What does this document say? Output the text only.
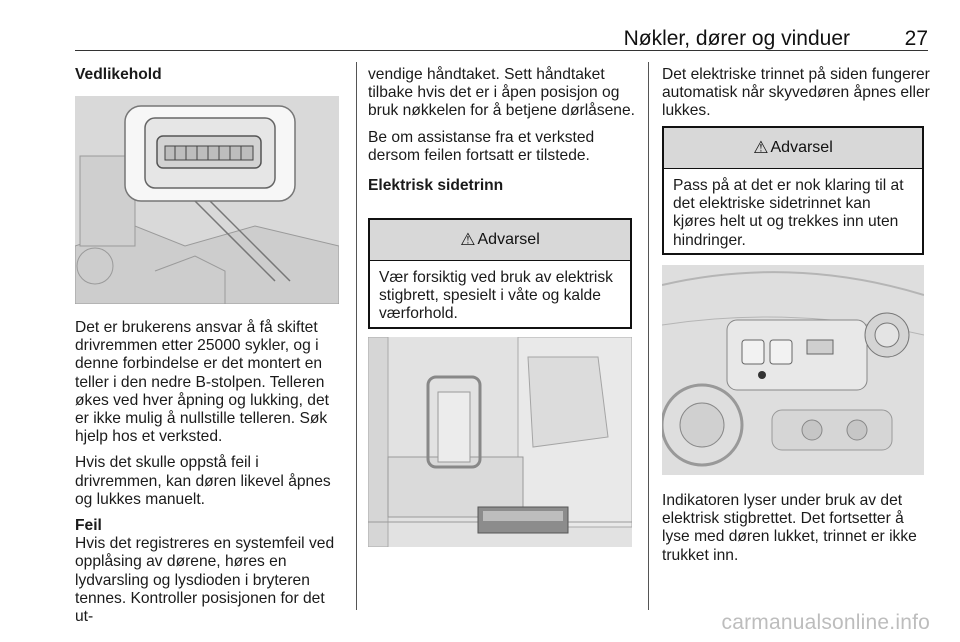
Nøkler, dører og vinduer	27

Vedlikehold

Det er brukerens ansvar å få skiftet drivremmen etter 25000 sykler, og i denne forbindelse er det montert en teller i den nedre B-stolpen. Telleren økes ved hver åpning og lukking, det er ikke mulig å nullstille telleren. Søk hjelp hos et verksted.

Hvis det skulle oppstå feil i drivremmen, kan døren likevel åpnes og lukkes manuelt.

Feil

Hvis det registreres en systemfeil ved opplåsing av dørene, høres en lydvarsling og lysdioden i bryteren tennes. Kontroller posisjonen for det ut-

vendige håndtaket. Sett håndtaket tilbake hvis det er i åpen posisjon og bruk nøkkelen for å betjene dørlåsene.

Be om assistanse fra et verksted dersom feilen fortsatt er tilstede.

Elektrisk sidetrinn

⚠ Advarsel
Vær forsiktig ved bruk av elektrisk stigbrett, spesielt i våte og kalde værforhold.

Det elektriske trinnet på siden fungerer automatisk når skyvedøren åpnes eller lukkes.

⚠ Advarsel
Pass på at det er nok klaring til at det elektriske sidetrinnet kan kjøres helt ut og trekkes inn uten hindringer.

Indikatoren lyser under bruk av det elektrisk stigbrettet. Det fortsetter å lyse med døren lukket, trinnet er ikke trukket inn.

carmanualsonline.info
